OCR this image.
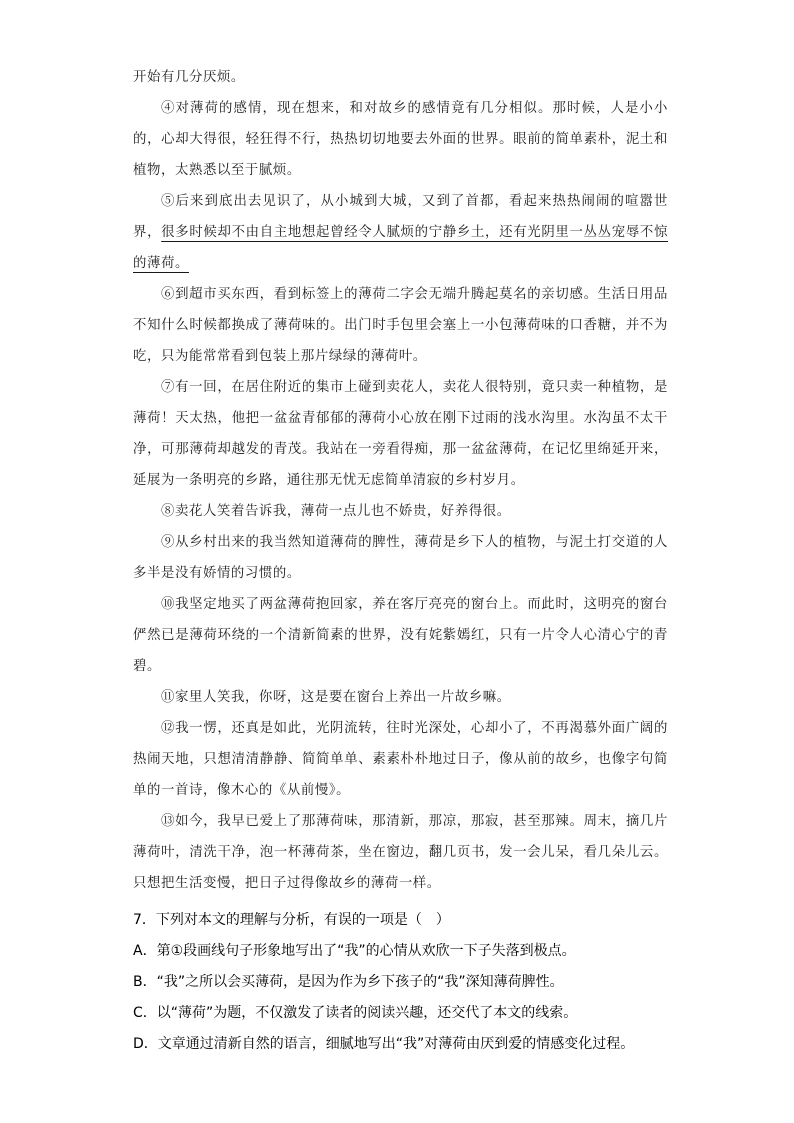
开始有几分厌烦。

④对薄荷的感情，现在想来，和对故乡的感情竟有几分相似。那时候，人是小小的，心却大得很，轻狂得不行，热热切切地要去外面的世界。眼前的简单素朴，泥土和植物，太熟悉以至于腻烦。

⑤后来到底出去见识了，从小城到大城，又到了首都，看起来热热闹闹的喧嚣世界，很多时候却不由自主地想起曾经令人腻烦的宁静乡土，还有光阴里一丛丛宠辱不惊的薄荷。

⑥到超市买东西，看到标签上的薄荷二字会无端升腾起莫名的亲切感。生活日用品不知什么时候都换成了薄荷味的。出门时手包里会塞上一小包薄荷味的口香糖，并不为吃，只为能常常看到包装上那片绿绿的薄荷叶。

⑦有一回，在居住附近的集市上碰到卖花人，卖花人很特别，竟只卖一种植物，是薄荷！天太热，他把一盆盆青郁郁的薄荷小心放在刚下过雨的浅水沟里。水沟虽不太干净，可那薄荷却越发的青茂。我站在一旁看得痴，那一盆盆薄荷，在记忆里绵延开来，延展为一条明亮的乡路，通往那无忧无虑简单清寂的乡村岁月。

⑧卖花人笑着告诉我，薄荷一点儿也不娇贵，好养得很。

⑨从乡村出来的我当然知道薄荷的脾性，薄荷是乡下人的植物，与泥土打交道的人多半是没有娇情的习惯的。

⑩我坚定地买了两盆薄荷抱回家，养在客厅亮亮的窗台上。而此时，这明亮的窗台俨然已是薄荷环绕的一个清新简素的世界，没有姹紫嫣红，只有一片令人心清心宁的青碧。

⑪家里人笑我，你呀，这是要在窗台上养出一片故乡嘛。

⑫我一愣，还真是如此，光阴流转，往时光深处，心却小了，不再渴慕外面广阔的热闹天地，只想清清静静、简简单单、素素朴朴地过日子，像从前的故乡，也像字句简单的一首诗，像木心的《从前慢》。

⑬如今，我早已爱上了那薄荷味，那清新，那凉，那寂，甚至那辣。周末，摘几片薄荷叶，清洗干净，泡一杯薄荷茶，坐在窗边，翻几页书，发一会儿呆，看几朵儿云。只想把生活变慢，把日子过得像故乡的薄荷一样。

7．下列对本文的理解与分析，有误的一项是（　）
A．第①段画线句子形象地写出了“我”的心情从欢欣一下子失落到极点。
B．“我”之所以会买薄荷，是因为作为乡下孩子的“我”深知薄荷脾性。
C．以“薄荷”为题，不仅激发了读者的阅读兴趣，还交代了本文的线索。
D．文章通过清新自然的语言，细腻地写出“我”对薄荷由厌到爱的情感变化过程。
